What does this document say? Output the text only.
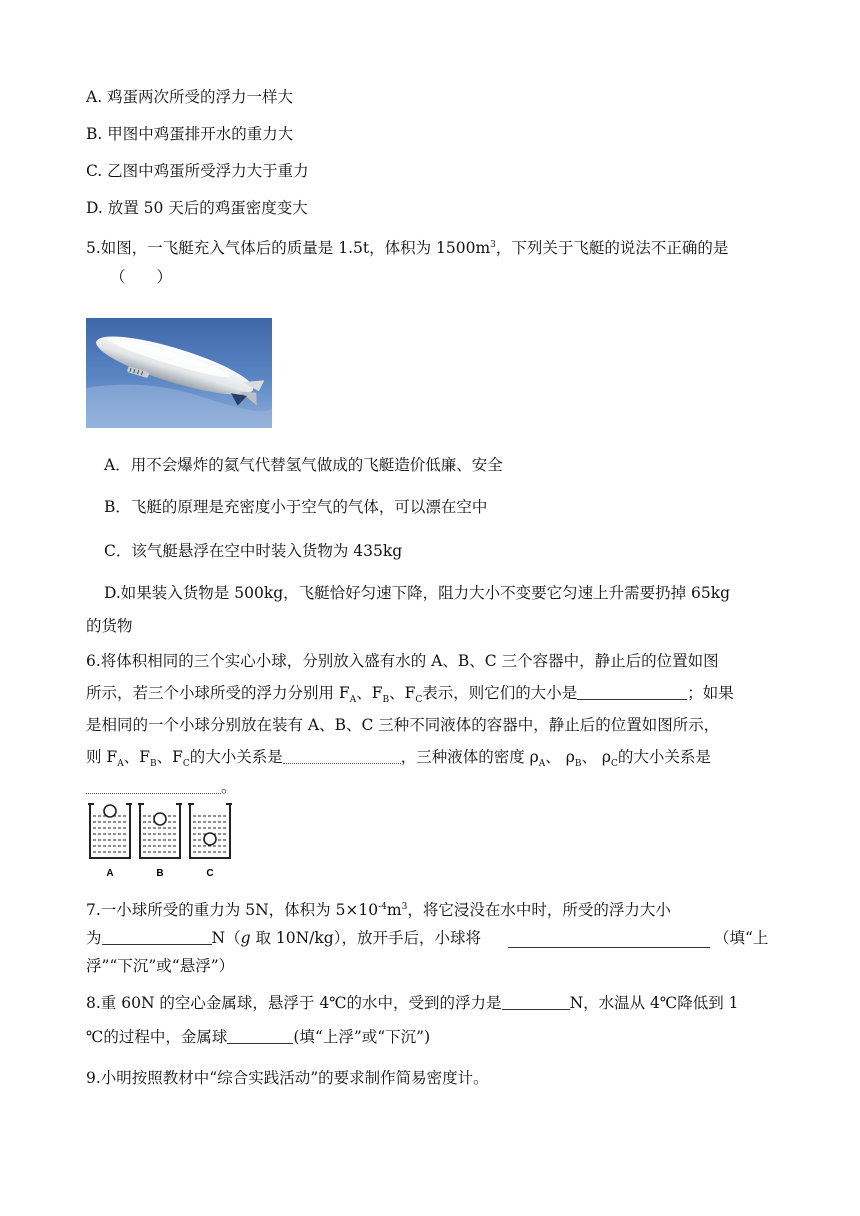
A. 鸡蛋两次所受的浮力一样大
B. 甲图中鸡蛋排开水的重力大
C. 乙图中鸡蛋所受浮力大于重力
D. 放置 50 天后的鸡蛋密度变大
5.如图，一飞艇充入气体后的质量是 1.5t，体积为 $1500m^3$，下列关于飞艇的说法不正确的是
（　　）
A．用不会爆炸的氦气代替氢气做成的飞艇造价低廉、安全
B．飞艇的原理是充密度小于空气的气体，可以漂在空中
C．该气艇悬浮在空中时装入货物为 435kg
D.如果装入货物是 500kg，飞艇恰好匀速下降，阻力大小不变要它匀速上升需要扔掉 65kg
的货物
6.将体积相同的三个实心小球，分别放入盛有水的 A、B、C 三个容器中，静止后的位置如图
所示，若三个小球所受的浮力分别用 $F_A$、$F_B$、$F_C$表示，则它们的大小是	；如果
是相同的一个小球分别放在装有 A、B、C 三种不同液体的容器中，静止后的位置如图所示，
则 $F_A$、$F_B$、$F_C$的大小关系是	，三种液体的密度 $\rho_A$、 $\rho_B$、 $\rho_C$的大小关系是
。
A	B	C
7.一小球所受的重力为 5N，体积为 $5\times 10^{-4}m^3$，将它浸没在水中时，所受的浮力大小
为	N（g 取 10N/kg），放开手后，小球将	（填“上
浮”“下沉”或“悬浮”）
8.重 60N 的空心金属球，悬浮于 4℃的水中，受到的浮力是	N，水温从 4℃降低到 1
℃的过程中，金属球	(填“上浮”或“下沉”)
9.小明按照教材中“综合实践活动”的要求制作简易密度计。
